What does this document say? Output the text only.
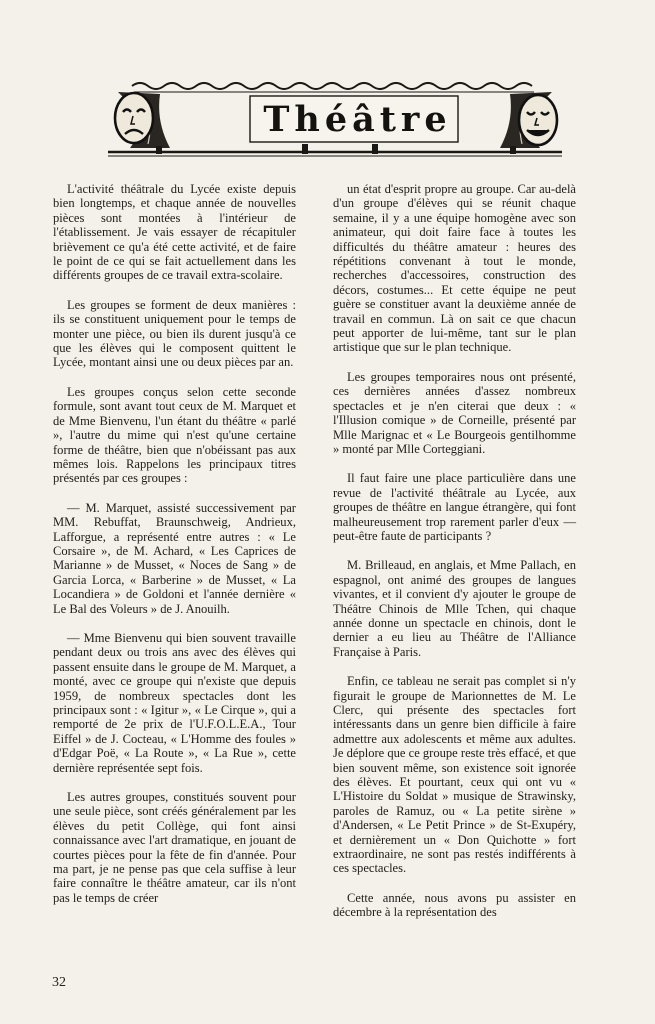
Théâtre

L'activité théâtrale du Lycée existe depuis bien longtemps, et chaque année de nouvelles pièces sont montées à l'intérieur de l'établissement. Je vais essayer de récapituler brièvement ce qu'a été cette activité, et de faire le point de ce qui se fait actuellement dans les différents groupes de ce travail extra-scolaire.

Les groupes se forment de deux manières : ils se constituent uniquement pour le temps de monter une pièce, ou bien ils durent jusqu'à ce que les élèves qui le composent quittent le Lycée, montant ainsi une ou deux pièces par an.

Les groupes conçus selon cette seconde formule, sont avant tout ceux de M. Marquet et de Mme Bienvenu, l'un étant du théâtre « parlé », l'autre du mime qui n'est qu'une certaine forme de théâtre, bien que n'obéissant pas aux mêmes lois. Rappelons les principaux titres présentés par ces groupes :

— M. Marquet, assisté successivement par MM. Rebuffat, Braunschweig, Andrieux, Lafforgue, a représenté entre autres : « Le Corsaire », de M. Achard, « Les Caprices de Marianne » de Musset, « Noces de Sang » de Garcia Lorca, « Barberine » de Musset, « La Locandiera » de Goldoni et l'année dernière « Le Bal des Voleurs » de J. Anouilh.

— Mme Bienvenu qui bien souvent travaille pendant deux ou trois ans avec des élèves qui passent ensuite dans le groupe de M. Marquet, a monté, avec ce groupe qui n'existe que depuis 1959, de nombreux spectacles dont les principaux sont : « Igitur », « Le Cirque », qui a remporté de 2e prix de l'U.F.O.L.E.A., Tour Eiffel » de J. Cocteau, « L'Homme des foules » d'Edgar Poë, « La Route », « La Rue », cette dernière représentée sept fois.

Les autres groupes, constitués souvent pour une seule pièce, sont créés généralement par les élèves du petit Collège, qui font ainsi connaissance avec l'art dramatique, en jouant de courtes pièces pour la fête de fin d'année. Pour ma part, je ne pense pas que cela suffise à leur faire connaître le théâtre amateur, car ils n'ont pas le temps de créer

un état d'esprit propre au groupe. Car au-delà d'un groupe d'élèves qui se réunit chaque semaine, il y a une équipe homogène avec son animateur, qui doit faire face à toutes les difficultés du théâtre amateur : heures des répétitions convenant à tout le monde, recherches d'accessoires, construction des décors, costumes... Et cette équipe ne peut guère se constituer avant la deuxième année de travail en commun. Là on sait ce que chacun peut apporter de lui-même, tant sur le plan artistique que sur le plan technique.

Les groupes temporaires nous ont présenté, ces dernières années d'assez nombreux spectacles et je n'en citerai que deux : « l'Illusion comique » de Corneille, présenté par Mlle Marignac et « Le Bourgeois gentilhomme » monté par Mlle Corteggiani.

Il faut faire une place particulière dans une revue de l'activité théâtrale au Lycée, aux groupes de théâtre en langue étrangère, qui font malheureusement trop rarement parler d'eux — peut-être faute de participants ?

M. Brilleaud, en anglais, et Mme Pallach, en espagnol, ont animé des groupes de langues vivantes, et il convient d'y ajouter le groupe de Théâtre Chinois de Mlle Tchen, qui chaque année donne un spectacle en chinois, dont le dernier a eu lieu au Théâtre de l'Alliance Française à Paris.

Enfin, ce tableau ne serait pas complet si n'y figurait le groupe de Marionnettes de M. Le Clerc, qui présente des spectacles fort intéressants dans un genre bien difficile à faire admettre aux adolescents et même aux adultes. Je déplore que ce groupe reste très effacé, et que bien souvent même, son existence soit ignorée des élèves. Et pourtant, ceux qui ont vu « L'Histoire du Soldat » musique de Strawinsky, paroles de Ramuz, ou « La petite sirène » d'Andersen, « Le Petit Prince » de St-Exupéry, et dernièrement un « Don Quichotte » fort extraordinaire, ne sont pas restés indifférents à ces spectacles.

Cette année, nous avons pu assister en décembre à la représentation des

32
